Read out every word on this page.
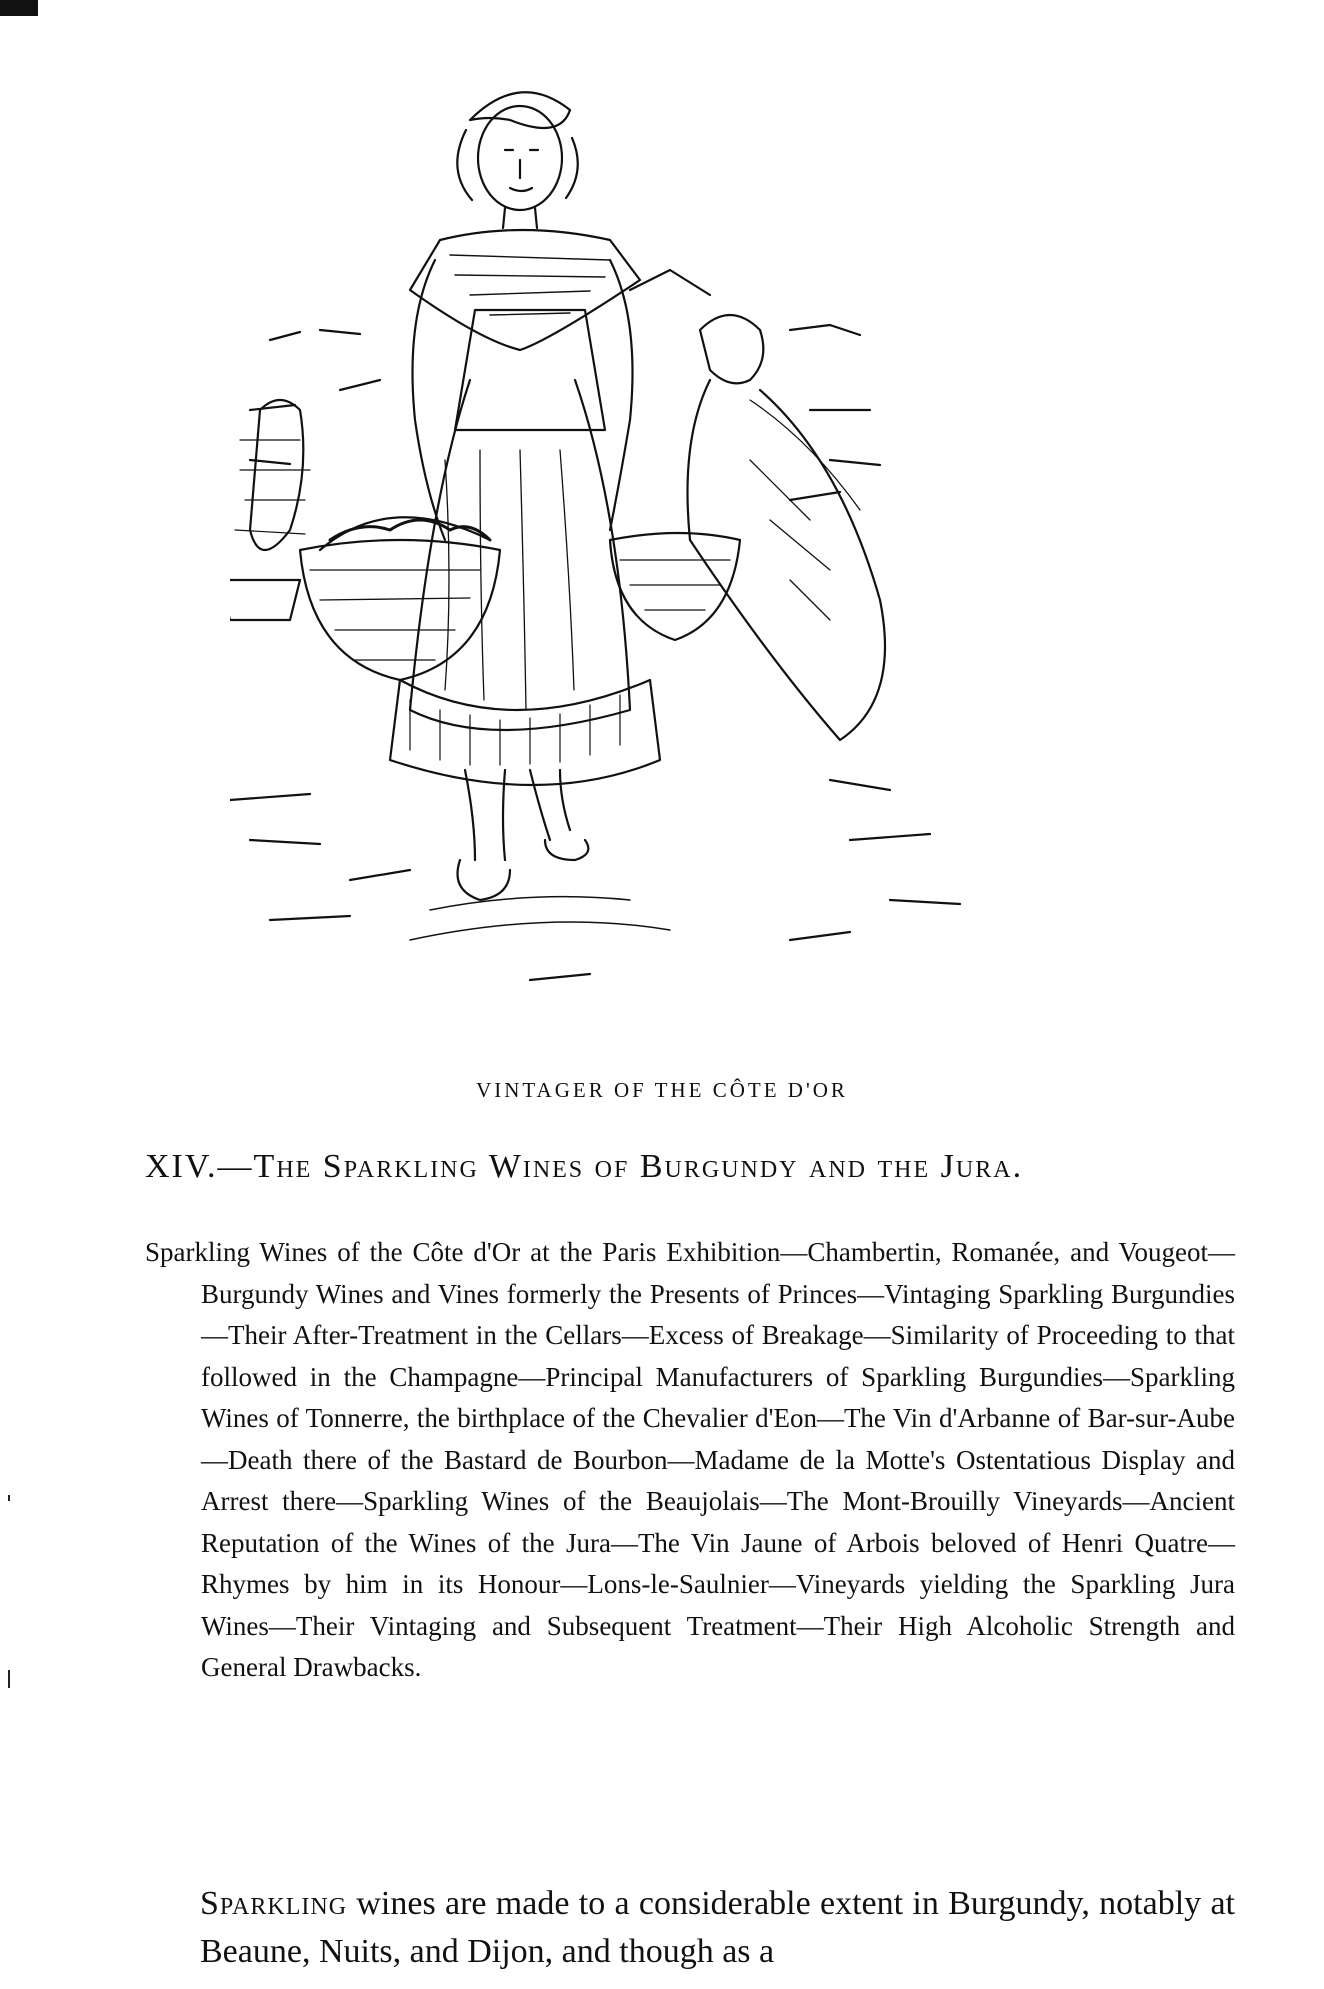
VINTAGER OF THE CÔTE D'OR
XIV.—The Sparkling Wines of Burgundy and the Jura.
Sparkling Wines of the Côte d'Or at the Paris Exhibition—Chambertin, Romanée, and Vougeot—Burgundy Wines and Vines formerly the Presents of Princes—Vintaging Sparkling Burgundies—Their After-Treatment in the Cellars—Excess of Breakage—Similarity of Proceeding to that followed in the Champagne—Principal Manufacturers of Sparkling Burgundies—Sparkling Wines of Tonnerre, the birthplace of the Chevalier d'Eon—The Vin d'Arbanne of Bar-sur-Aube—Death there of the Bastard de Bourbon—Madame de la Motte's Ostentatious Display and Arrest there—Sparkling Wines of the Beaujolais—The Mont-Brouilly Vineyards—Ancient Reputation of the Wines of the Jura—The Vin Jaune of Arbois beloved of Henri Quatre—Rhymes by him in its Honour—Lons-le-Saulnier—Vineyards yielding the Sparkling Jura Wines—Their Vintaging and Subsequent Treatment—Their High Alcoholic Strength and General Drawbacks.
Sparkling wines are made to a considerable extent in Burgundy, notably at Beaune, Nuits, and Dijon, and though as a
